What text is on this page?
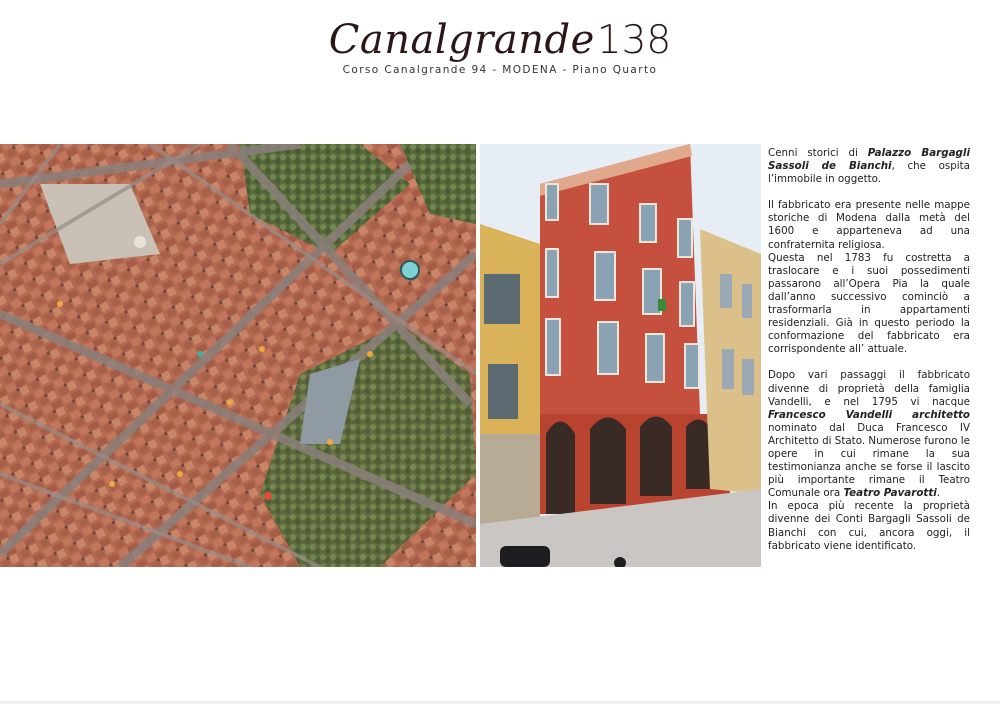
Canalgrande 138
Corso Canalgrande 94 - MODENA - Piano Quarto

Cenni storici di Palazzo Bargagli Sassoli de Bianchi, che ospita l’immobile in oggetto.

Il fabbricato era presente nelle mappe storiche di Modena dalla metà del 1600 e apparteneva ad una confraternita religiosa.

Questa nel 1783 fu costretta a traslocare e i suoi possedimenti passarono all’Opera Pia la quale dall’anno successivo cominciò a trasformarla in appartamenti residenziali. Già in questo periodo la conformazione del fabbricato era corrispondente all’ attuale.

Dopo vari passaggi il fabbricato divenne di proprietà della famiglia Vandelli, e nel 1795 vi nacque Francesco Vandelli architetto nominato dal Duca Francesco IV Architetto di Stato. Numerose furono le opere in cui rimane la sua testimonianza anche se forse il lascito più importante rimane il Teatro Comunale ora Teatro Pavarotti.

In epoca più recente la proprietà divenne dei Conti Bargagli Sassoli de Bianchi con cui, ancora oggi, il fabbricato viene identificato.
